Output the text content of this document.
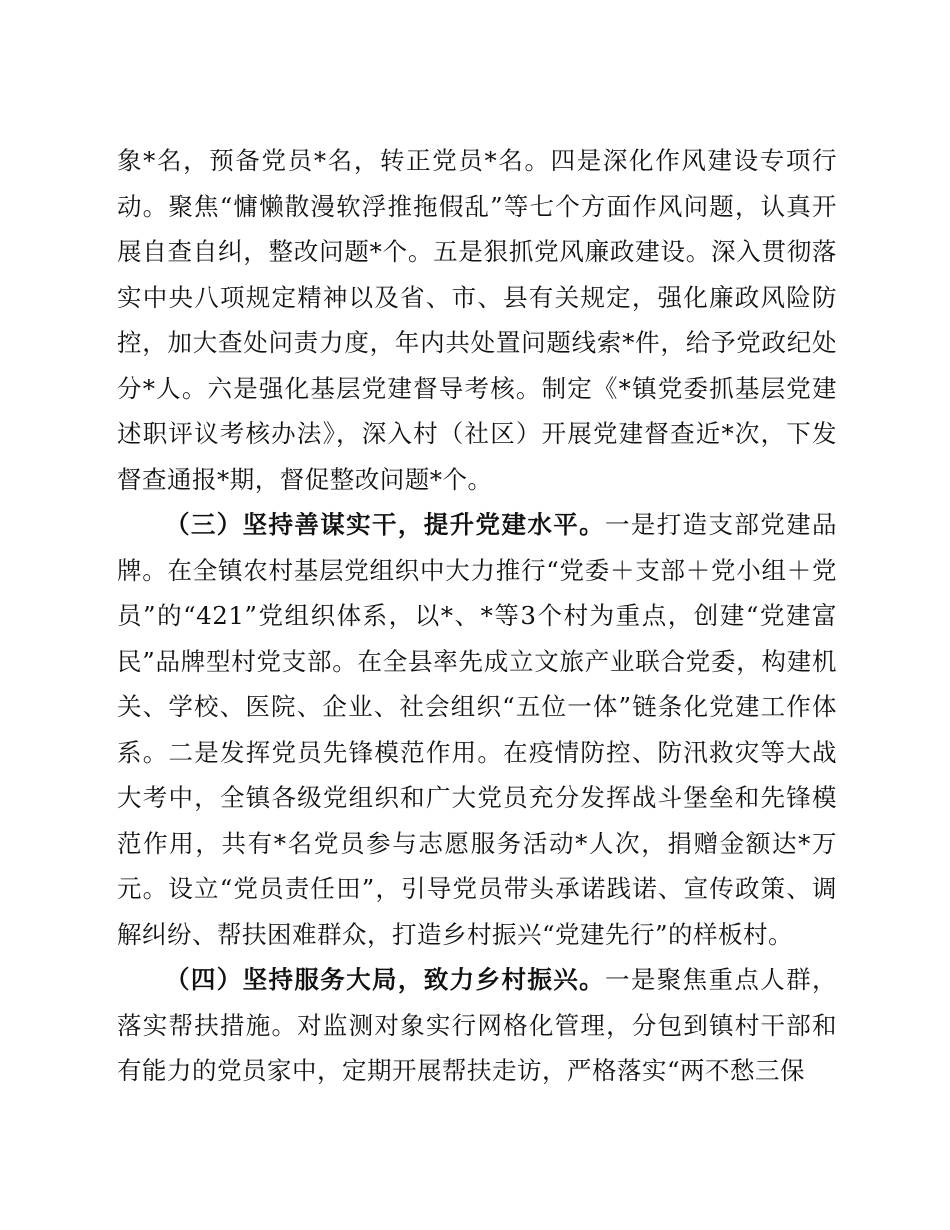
象*名，预备党员*名，转正党员*名。四是深化作风建设专项行动。聚焦“慵懒散漫软浮推拖假乱”等七个方面作风问题，认真开展自查自纠，整改问题*个。五是狠抓党风廉政建设。深入贯彻落实中央八项规定精神以及省、市、县有关规定，强化廉政风险防控，加大查处问责力度，年内共处置问题线索*件，给予党政纪处分*人。六是强化基层党建督导考核。制定《*镇党委抓基层党建述职评议考核办法》，深入村（社区）开展党建督查近*次，下发督查通报*期，督促整改问题*个。

（三）坚持善谋实干，提升党建水平。一是打造支部党建品牌。在全镇农村基层党组织中大力推行“党委＋支部＋党小组＋党员”的“421”党组织体系，以*、*等3个村为重点，创建“党建富民”品牌型村党支部。在全县率先成立文旅产业联合党委，构建机关、学校、医院、企业、社会组织“五位一体”链条化党建工作体系。二是发挥党员先锋模范作用。在疫情防控、防汛救灾等大战大考中，全镇各级党组织和广大党员充分发挥战斗堡垒和先锋模范作用，共有*名党员参与志愿服务活动*人次，捐赠金额达*万元。设立“党员责任田”，引导党员带头承诺践诺、宣传政策、调解纠纷、帮扶困难群众，打造乡村振兴“党建先行”的样板村。

（四）坚持服务大局，致力乡村振兴。一是聚焦重点人群，落实帮扶措施。对监测对象实行网格化管理，分包到镇村干部和有能力的党员家中，定期开展帮扶走访，严格落实“两不愁三保
